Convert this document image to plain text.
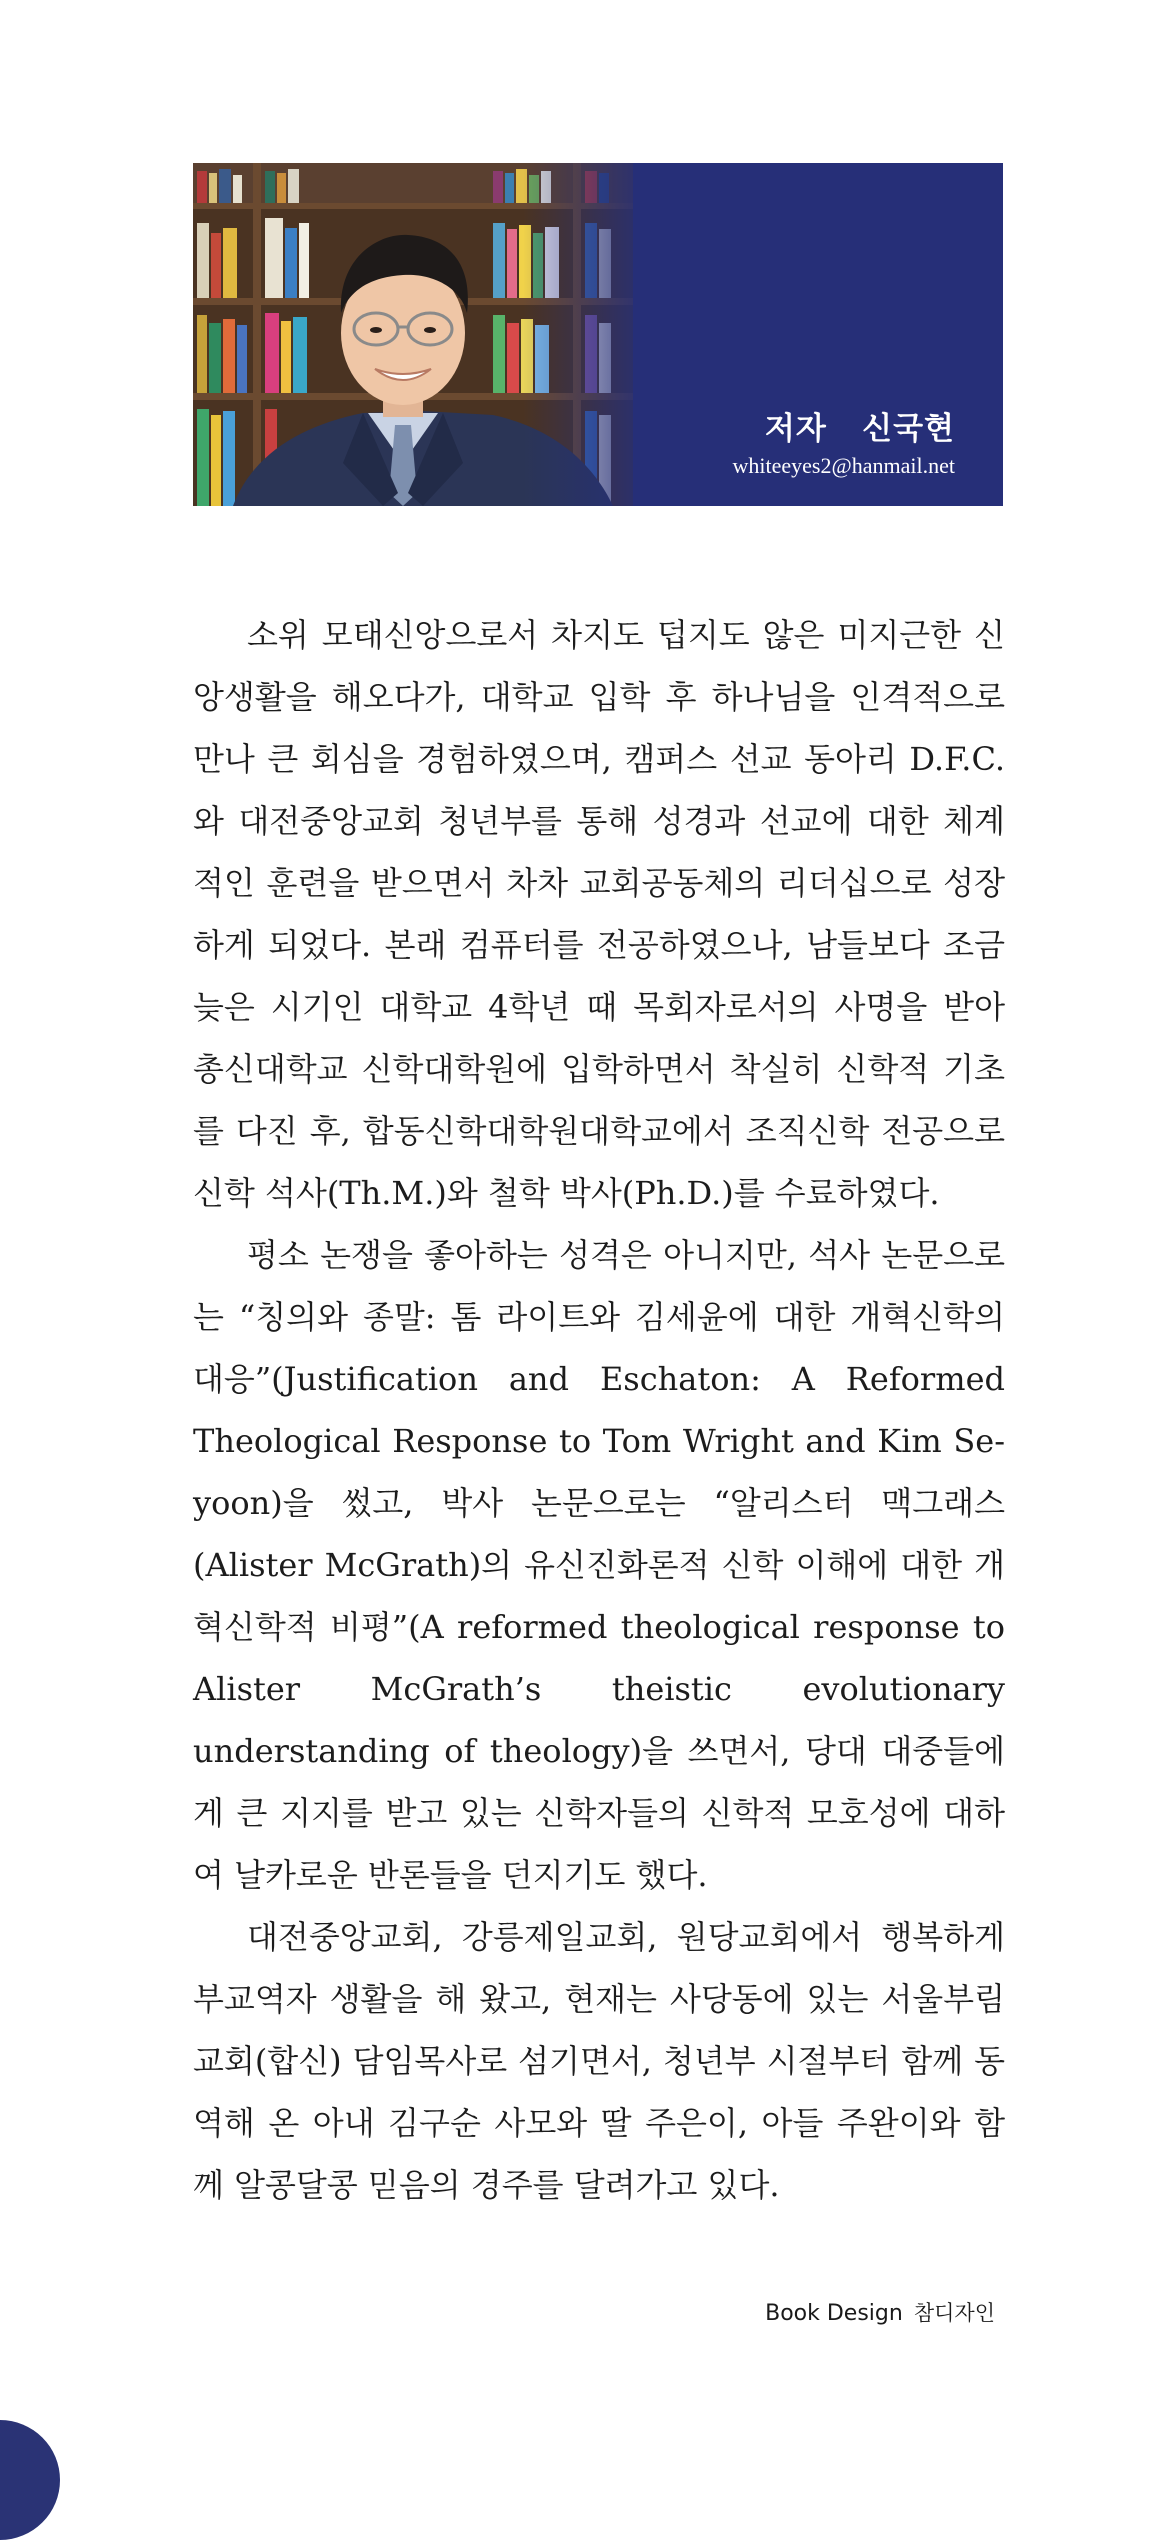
저자   신국현
whiteeyes2@hanmail.net

소위 모태신앙으로서 차지도 덥지도 않은 미지근한 신앙생활을 해오다가, 대학교 입학 후 하나님을 인격적으로 만나 큰 회심을 경험하였으며, 캠퍼스 선교 동아리 D.F.C.와 대전중앙교회 청년부를 통해 성경과 선교에 대한 체계적인 훈련을 받으면서 차차 교회공동체의 리더십으로 성장하게 되었다. 본래 컴퓨터를 전공하였으나, 남들보다 조금 늦은 시기인 대학교 4학년 때 목회자로서의 사명을 받아 총신대학교 신학대학원에 입학하면서 착실히 신학적 기초를 다진 후, 합동신학대학원대학교에서 조직신학 전공으로 신학 석사(Th.M.)와 철학 박사(Ph.D.)를 수료하였다.

평소 논쟁을 좋아하는 성격은 아니지만, 석사 논문으로는 “칭의와 종말: 톰 라이트와 김세윤에 대한 개혁신학의 대응”(Justification and Eschaton: A Reformed Theological Response to Tom Wright and Kim Se-yoon)을 썼고, 박사 논문으로는 “알리스터 맥그래스(Alister McGrath)의 유신진화론적 신학 이해에 대한 개혁신학적 비평”(A reformed theological response to Alister McGrath’s theistic evolutionary understanding of theology)을 쓰면서, 당대 대중들에게 큰 지지를 받고 있는 신학자들의 신학적 모호성에 대하여 날카로운 반론들을 던지기도 했다.

대전중앙교회, 강릉제일교회, 원당교회에서 행복하게 부교역자 생활을 해 왔고, 현재는 사당동에 있는 서울부림교회(합신) 담임목사로 섬기면서, 청년부 시절부터 함께 동역해 온 아내 김구순 사모와 딸 주은이, 아들 주완이와 함께 알콩달콩 믿음의 경주를 달려가고 있다.

Book Design 참디자인
